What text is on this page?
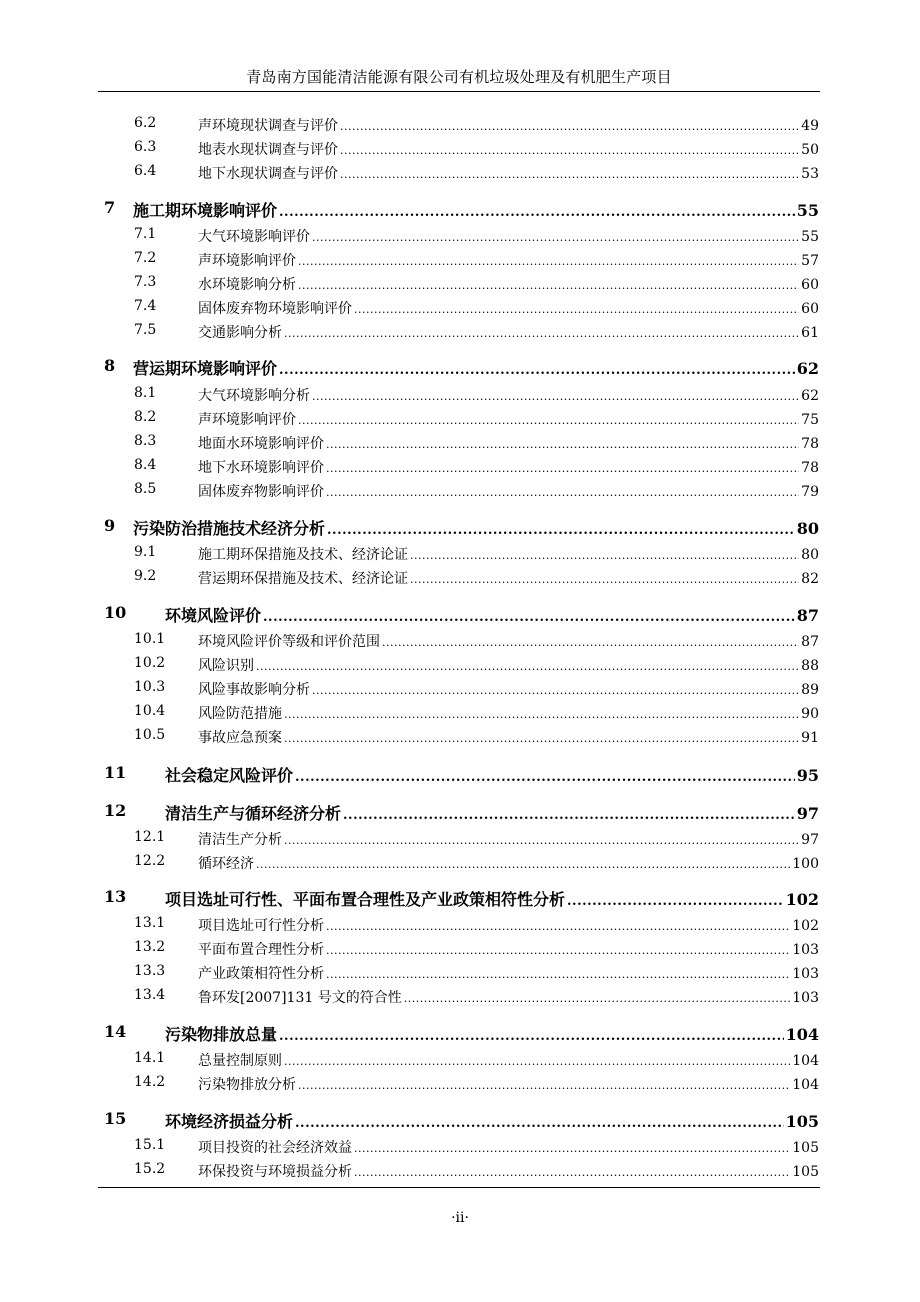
青岛南方国能清洁能源有限公司有机垃圾处理及有机肥生产项目
6.2	声环境现状调查与评价 .....	49
6.3	地表水现状调查与评价 .....	50
6.4	地下水现状调查与评价 .....	53
7 施工期环境影响评价 .....	55
7.1	大气环境影响评价 .....	55
7.2	声环境影响评价 .....	57
7.3	水环境影响分析 .....	60
7.4	固体废弃物环境影响评价 .....	60
7.5	交通影响分析 .....	61
8 营运期环境影响评价 .....	62
8.1	大气环境影响分析 .....	62
8.2	声环境影响评价 .....	75
8.3	地面水环境影响评价 .....	78
8.4	地下水环境影响评价 .....	78
8.5	固体废弃物影响评价 .....	79
9 污染防治措施技术经济分析 .....	80
9.1	施工期环保措施及技术、经济论证 .....	80
9.2	营运期环保措施及技术、经济论证 .....	82
10 环境风险评价 .....	87
10.1 环境风险评价等级和评价范围 .....	87
10.2 风险识别 .....	88
10.3 风险事故影响分析 .....	89
10.4 风险防范措施 .....	90
10.5 事故应急预案 .....	91
11 社会稳定风险评价 .....	95
12 清洁生产与循环经济分析 .....	97
12.1 清洁生产分析 .....	97
12.2 循环经济 .....	100
13 项目选址可行性、平面布置合理性及产业政策相符性分析 .....	102
13.1 项目选址可行性分析 .....	102
13.2 平面布置合理性分析 .....	103
13.3 产业政策相符性分析 .....	103
13.4 鲁环发[2007]131 号文的符合性 .....	103
14 污染物排放总量 .....	104
14.1 总量控制原则 .....	104
14.2 污染物排放分析 .....	104
15 环境经济损益分析 .....	105
15.1 项目投资的社会经济效益 .....	105
15.2 环保投资与环境损益分析 .....	105
·ii·
